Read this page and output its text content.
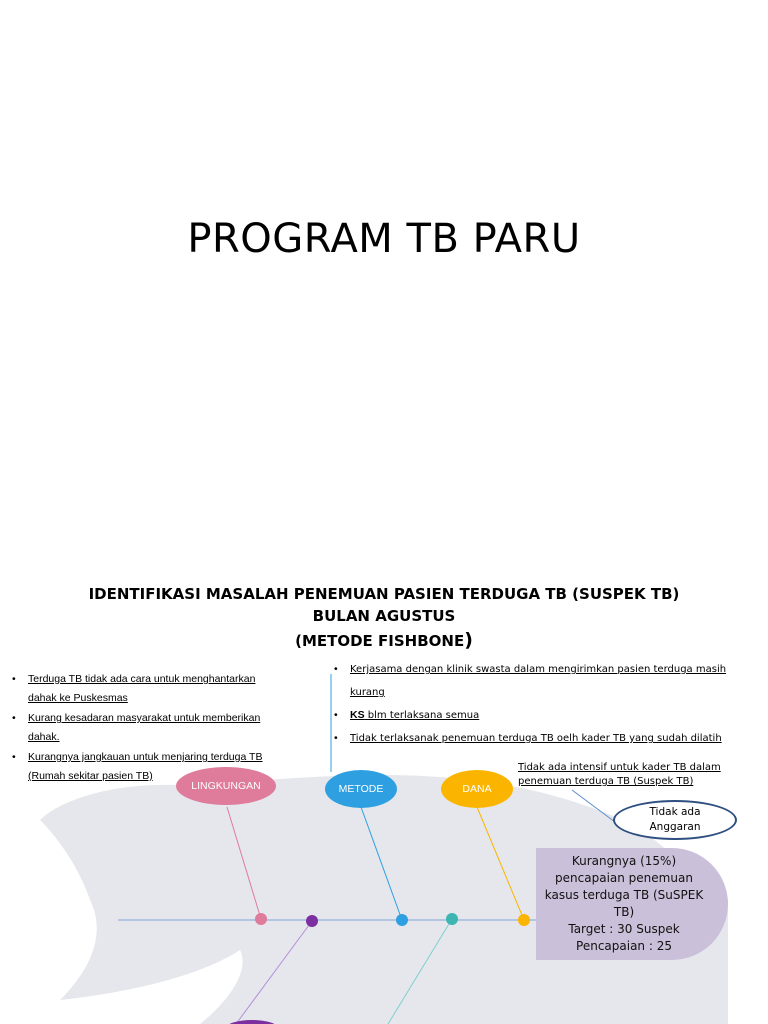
PROGRAM TB PARU
IDENTIFIKASI MASALAH PENEMUAN PASIEN TERDUGA TB (SUSPEK TB)
BULAN AGUSTUS
(METODE FISHBONE)
• Terduga TB tidak ada cara untuk menghantarkan dahak ke Puskesmas
• Kurang kesadaran masyarakat untuk memberikan dahak.
• Kurangnya jangkauan untuk menjaring terduga TB (Rumah sekitar pasien TB)
• Kerjasama dengan klinik swasta dalam mengirimkan pasien terduga masih kurang
• KS blm terlaksana semua
• Tidak terlaksanak penemuan terduga TB oelh kader TB yang sudah dilatih
LINGKUNGAN	METODE	DANA
Tidak ada intensif untuk kader TB dalam penemuan terduga TB (Suspek TB)
Tidak ada Anggaran
Kurangnya (15%) pencapaian penemuan kasus terduga TB (SuSPEK TB)
Target : 30 Suspek
Pencapaian : 25
